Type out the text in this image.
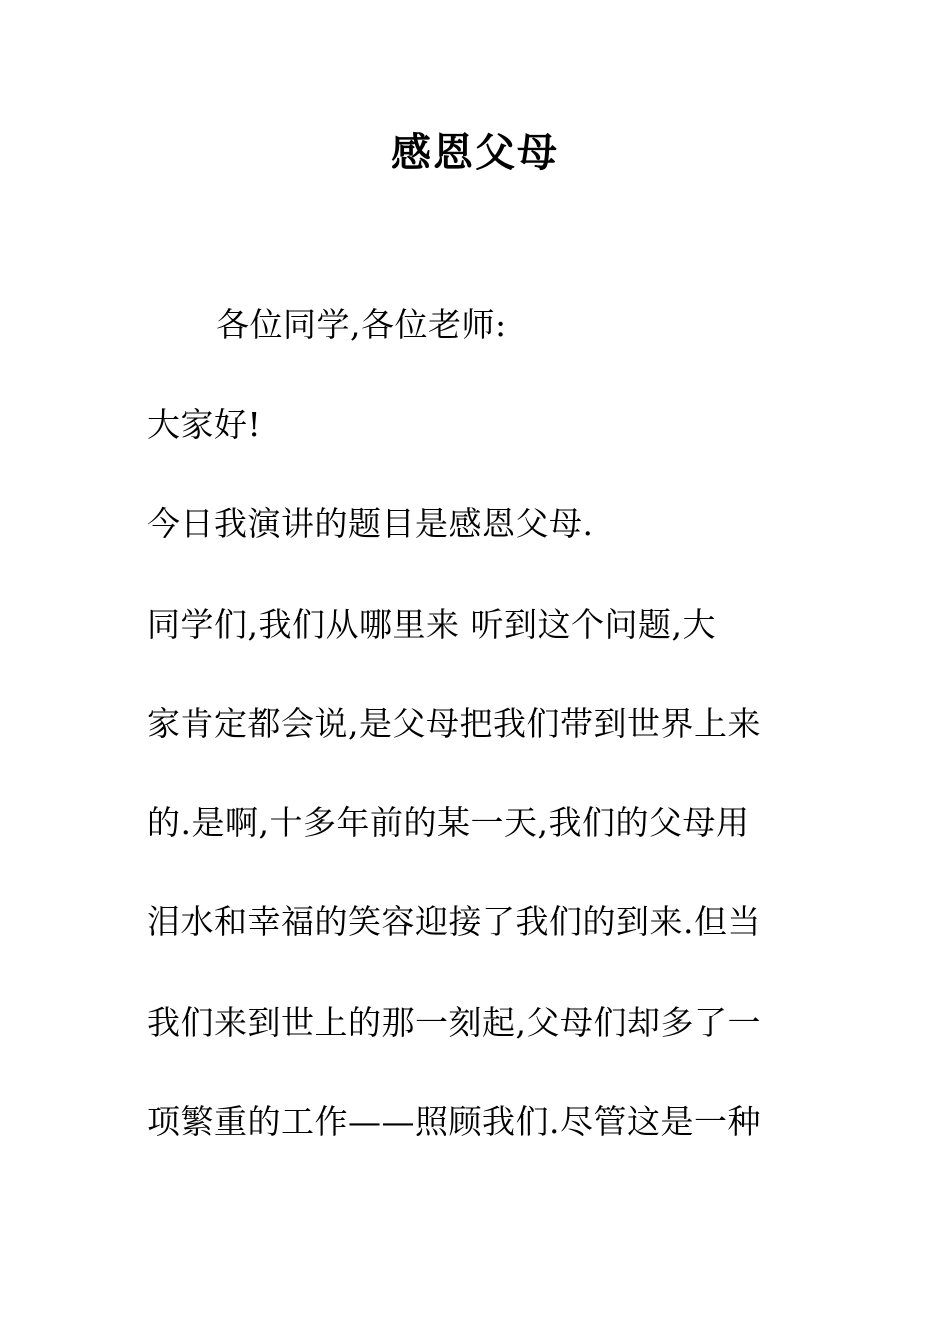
感恩父母
各位同学,各位老师:
大家好!
今日我演讲的题目是感恩父母.
同学们,我们从哪里来 听到这个问题,大
家肯定都会说,是父母把我们带到世界上来
的.是啊,十多年前的某一天,我们的父母用
泪水和幸福的笑容迎接了我们的到来.但当
我们来到世上的那一刻起,父母们却多了一
项繁重的工作——照顾我们.尽管这是一种
